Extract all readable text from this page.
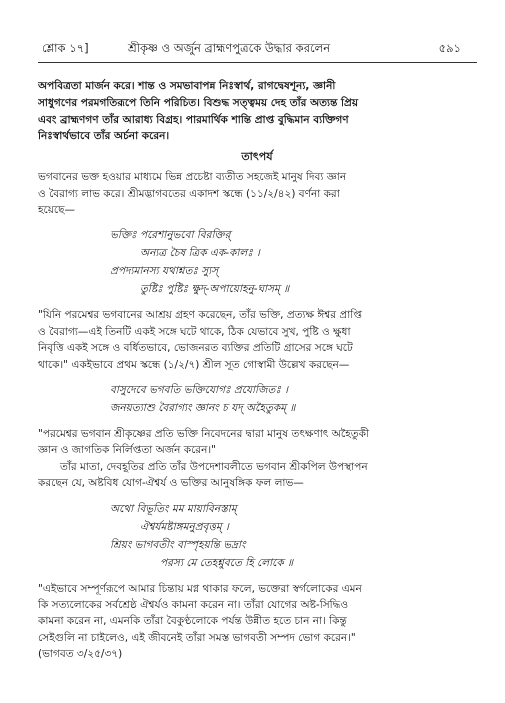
শ্লোক ১৭]	শ্রীকৃষ্ণ ও অর্জুন ব্রাহ্মণপুত্রকে উদ্ধার করলেন	৫৯১

অপবিত্রতা মার্জন করে। শান্ত ও সমভাবাপন্ন নিঃস্বার্থ, রাগদ্বেষশূন্য, জ্ঞানী

সাধুগণের পরমগতিরূপে তিনি পরিচিত। বিশুদ্ধ সত্ত্বময় দেহ তাঁর অত্যন্ত প্রিয়

এবং ব্রাহ্মণগণ তাঁর আরাধ্য বিগ্রহ। পারমার্থিক শান্তি প্রাপ্ত বুদ্ধিমান ব্যক্তিগণ

নিঃস্বার্থভাবে তাঁর অর্চনা করেন।

তাৎপর্য
ভগবানের ভক্ত হওয়ার মাধ্যমে ভিন্ন প্রচেষ্টা ব্যতীত সহজেই মানুষ দিব্য জ্ঞান
ও বৈরাগ্য লাভ করে। শ্রীমদ্ভাগবতের একাদশ স্কন্ধে (১১/২/৪২) বর্ণনা করা
হয়েছে—
ভক্তিঃ পরেশানুভবো বিরক্তির্
অন্যত্র চৈষ ত্রিক এক-কালঃ ।
প্রপদ্যমানস্য যথাশ্নতঃ স্যুস্
তুষ্টিঃ পুষ্টিঃ ক্ষুদ্-অপায়োহনু-ঘাসম্ ॥
"যিনি পরমেশ্বর ভগবানের আশ্রয় গ্রহণ করেছেন, তাঁর ভক্তি, প্রত্যক্ষ ঈশ্বর প্রাপ্তি
ও বৈরাগ্য—এই তিনটি একই সঙ্গে ঘটে থাকে, ঠিক যেভাবে সুখ, পুষ্টি ও ক্ষুধা
নিবৃত্তি একই সঙ্গে ও বর্ধিতভাবে, ভোজনরত ব্যক্তির প্রতিটি গ্রাসের সঙ্গে ঘটে
থাকে।" একইভাবে প্রথম স্কন্ধে (১/২/৭) শ্রীল সূত গোস্বামী উল্লেখ করছেন—
বাসুদেবে ভগবতি ভক্তিযোগঃ প্রযোজিতঃ ।
জনয়ত্যাশু বৈরাগ্যং জ্ঞানং চ যদ্ অহৈতুকম্ ॥
"পরমেশ্বর ভগবান শ্রীকৃষ্ণের প্রতি ভক্তি নিবেদনের দ্বারা মানুষ তৎক্ষণাৎ অহৈতুকী
জ্ঞান ও জাগতিক নির্লিপ্ততা অর্জন করেন।"
তাঁর মাতা, দেবহূতির প্রতি তাঁর উপদেশাবলীতে ভগবান শ্রীকপিল উপস্থাপন
করছেন যে, অষ্টবিধ যোগ-ঐশ্বর্য ও ভক্তির আনুষঙ্গিক ফল লাভ—
অথো বিভূতিং মম মায়াবিনস্তাম্
ঐশ্বর্যমষ্টাঙ্গমনুপ্রবৃত্তম্ ।
শ্রিয়ং ভাগবতীং বাস্পৃহয়ন্তি ভদ্রাং
পরস্য মে তেহশ্নুবতে হি লোকে ॥
"এইভাবে সম্পূর্ণরূপে আমার চিন্তায় মগ্ন থাকার ফলে, ভক্তেরা স্বর্গলোকের এমন
কি সত্যলোকের সর্বশ্রেষ্ঠ ঐশ্বর্যও কামনা করেন না। তাঁরা যোগের অষ্ট-সিদ্ধিও
কামনা করেন না, এমনকি তাঁরা বৈকুণ্ঠলোকে পর্যন্ত উন্নীত হতে চান না। কিন্তু
সেইগুলি না চাইলেও, এই জীবনেই তাঁরা সমস্ত ভাগবতী সম্পদ ভোগ করেন।"
(ভাগবত ৩/২৫/৩৭)
